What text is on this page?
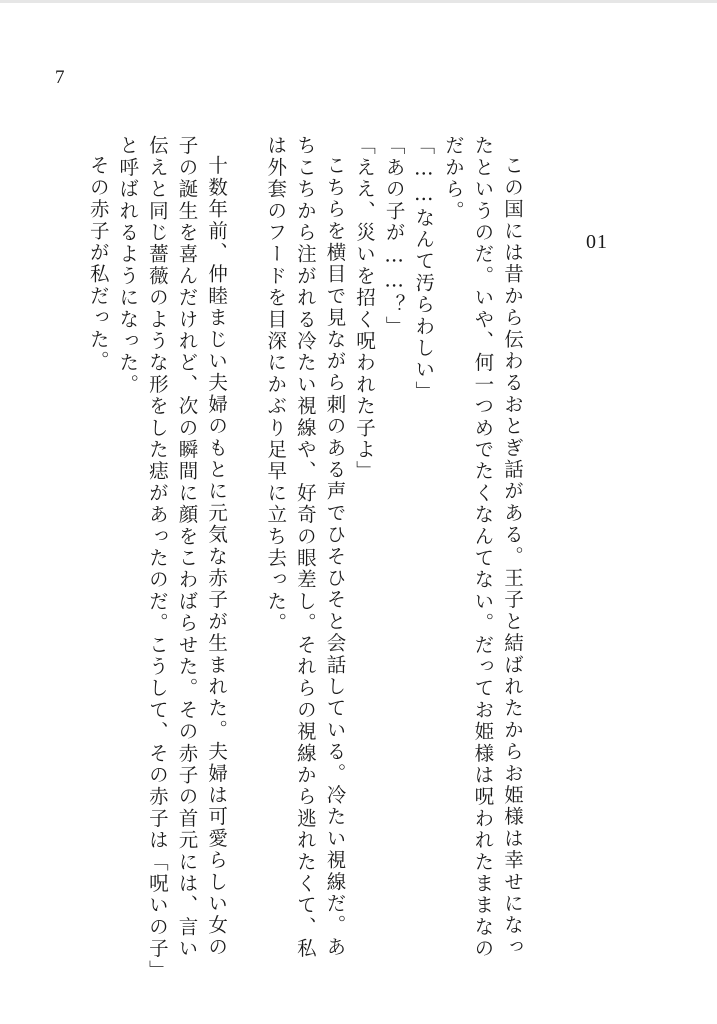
7
01

この国には昔から伝わるおとぎ話がある。王子と結ばれたからお姫様は幸せになっ

たというのだ。いや、何一つめでたくなんてない。だってお姫様は呪われたままなの

だから。

「……なんて汚らわしい」

「あの子が……？」

「ええ、災いを招く呪われた子よ」

こちらを横目で見ながら刺のある声でひそひそと会話している。冷たい視線だ。あ

ちこちから注がれる冷たい視線や、好奇の眼差し。それらの視線から逃れたくて、私

は外套のフードを目深にかぶり足早に立ち去った。

十数年前、仲睦まじい夫婦のもとに元気な赤子が生まれた。夫婦は可愛らしい女の

子の誕生を喜んだけれど、次の瞬間に顔をこわばらせた。その赤子の首元には、言い

伝えと同じ薔薇のような形をした痣があったのだ。こうして、その赤子は「呪いの子」

と呼ばれるようになった。

その赤子が私だった。
